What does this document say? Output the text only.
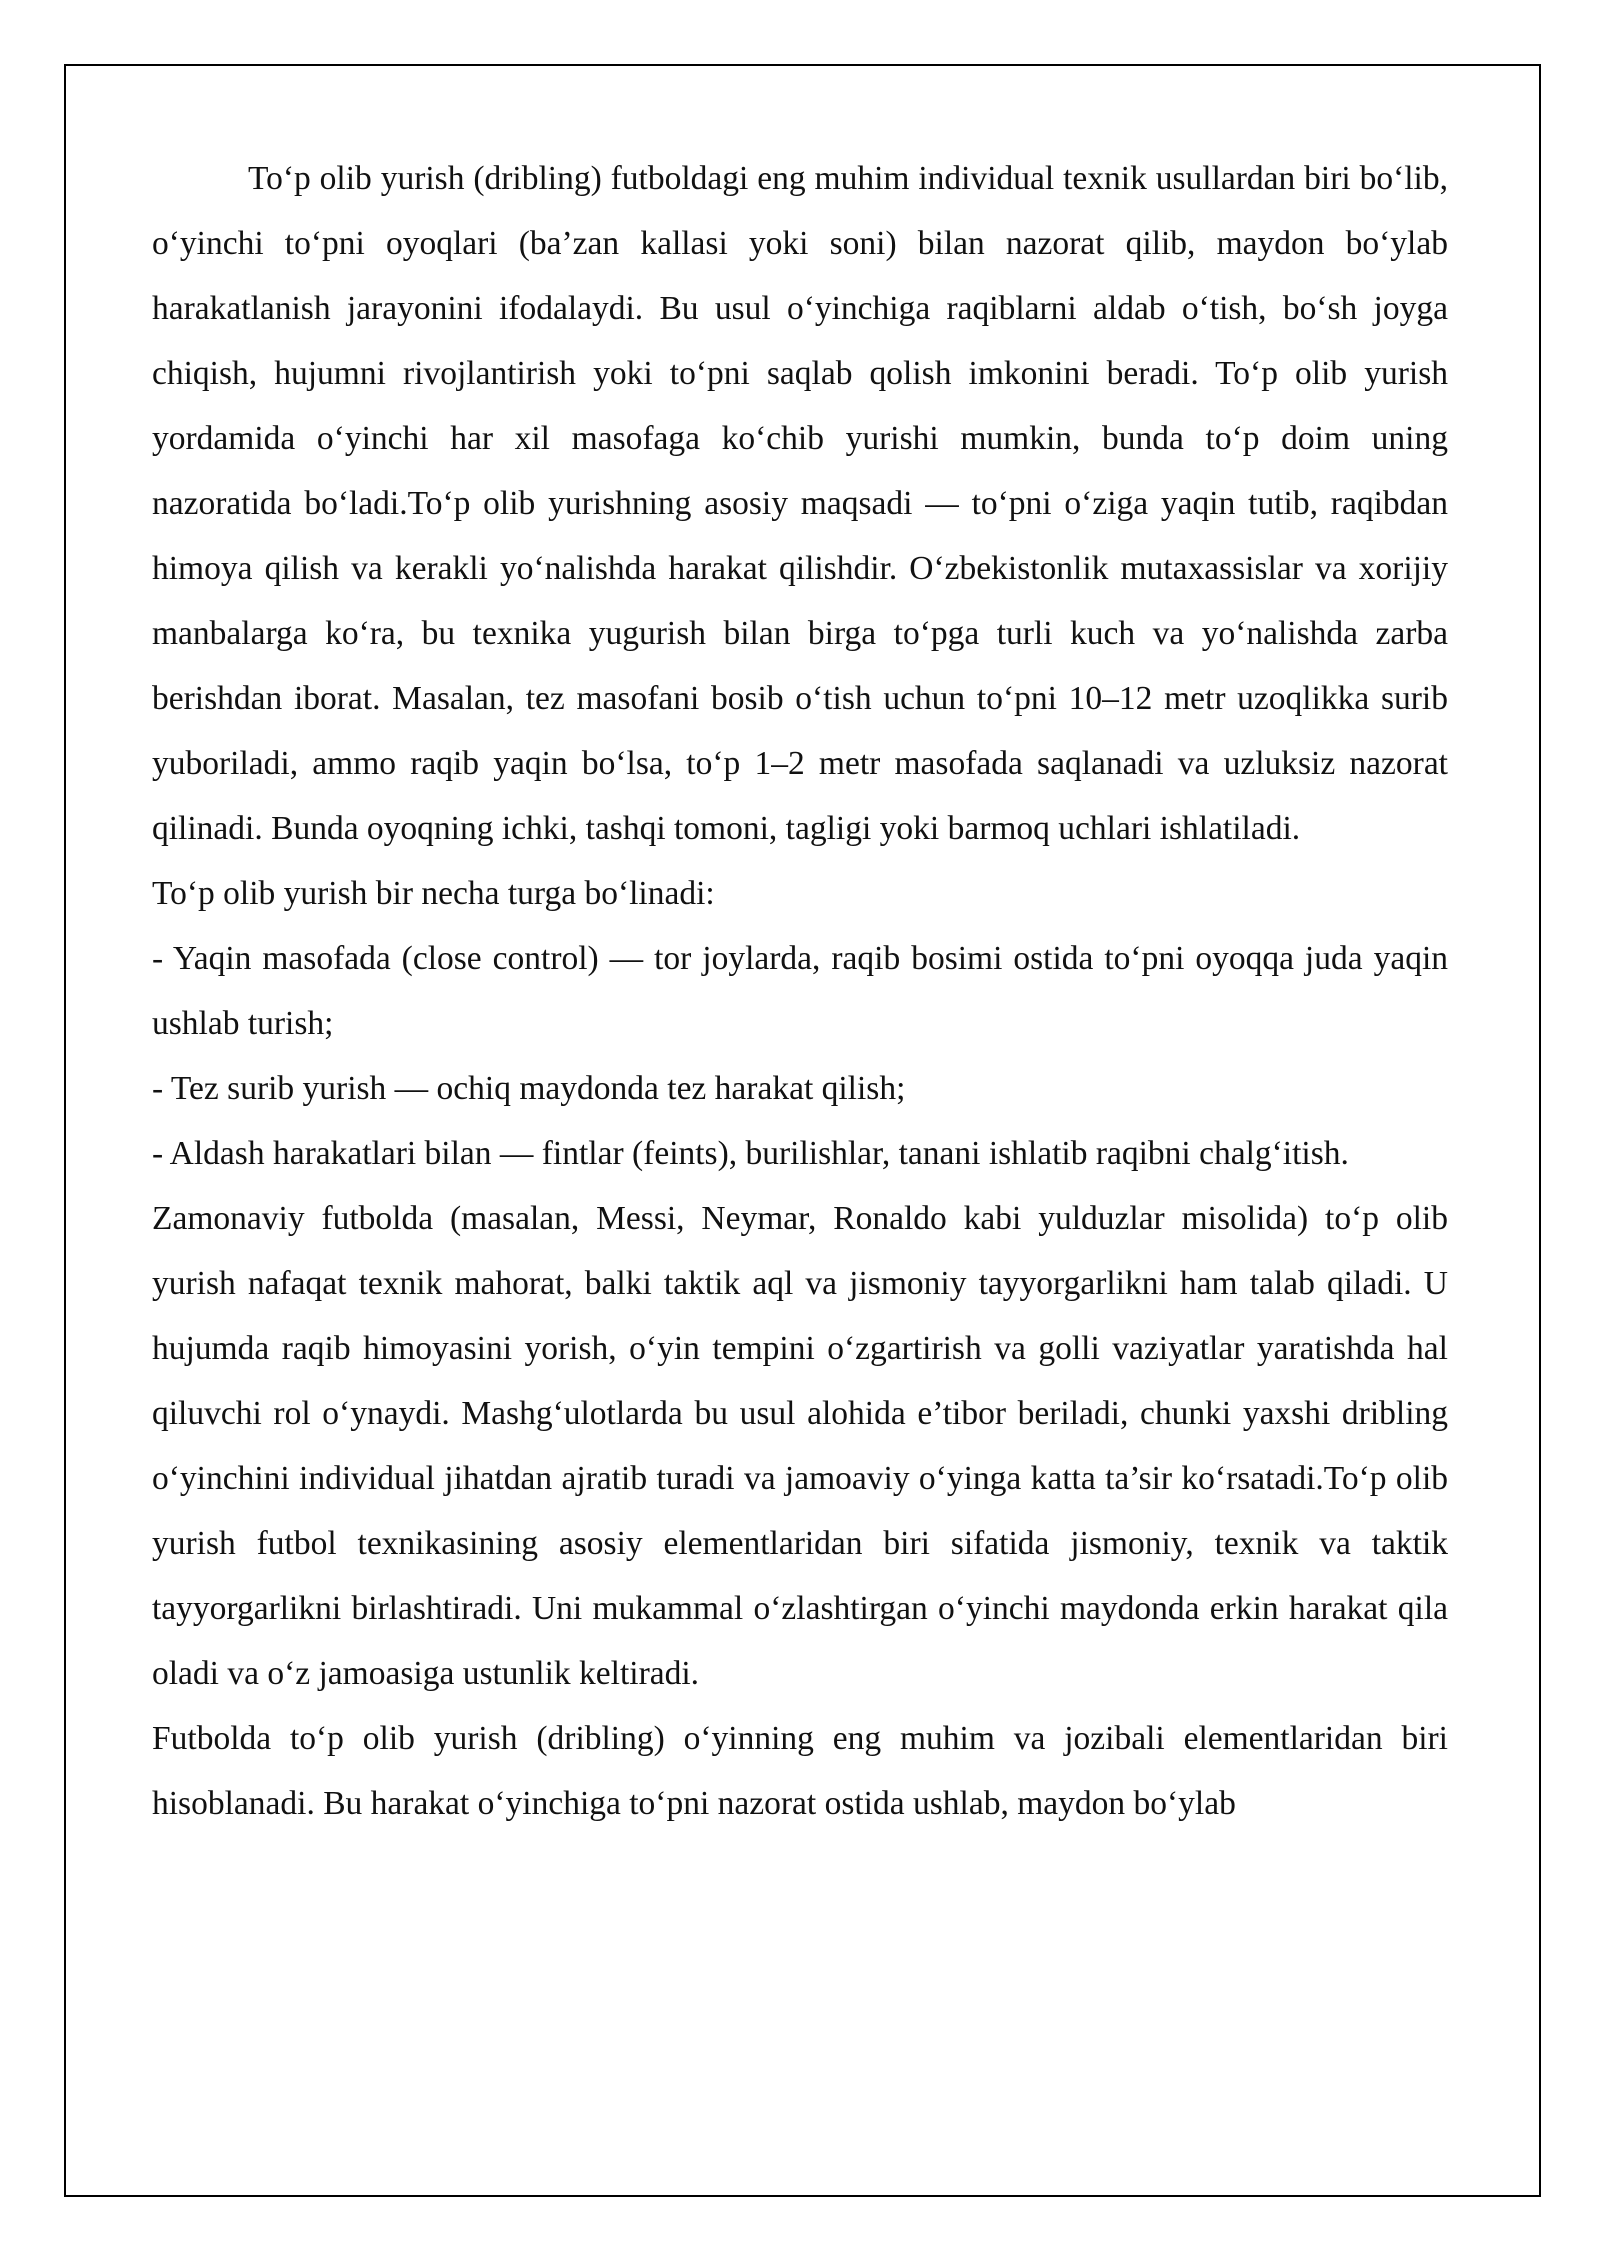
To‘p olib yurish (dribling) futboldagi eng muhim individual texnik usullardan biri bo‘lib, o‘yinchi to‘pni oyoqlari (ba’zan kallasi yoki soni) bilan nazorat qilib, maydon bo‘ylab harakatlanish jarayonini ifodalaydi. Bu usul o‘yinchiga raqiblarni aldab o‘tish, bo‘sh joyga chiqish, hujumni rivojlantirish yoki to‘pni saqlab qolish imkonini beradi. To‘p olib yurish yordamida o‘yinchi har xil masofaga ko‘chib yurishi mumkin, bunda to‘p doim uning nazoratida bo‘ladi.To‘p olib yurishning asosiy maqsadi — to‘pni o‘ziga yaqin tutib, raqibdan himoya qilish va kerakli yo‘nalishda harakat qilishdir. O‘zbekistonlik mutaxassislar va xorijiy manbalarga ko‘ra, bu texnika yugurish bilan birga to‘pga turli kuch va yo‘nalishda zarba berishdan iborat. Masalan, tez masofani bosib o‘tish uchun to‘pni 10–12 metr uzoqlikka surib yuboriladi, ammo raqib yaqin bo‘lsa, to‘p 1–2 metr masofada saqlanadi va uzluksiz nazorat qilinadi. Bunda oyoqning ichki, tashqi tomoni, tagligi yoki barmoq uchlari ishlatiladi.

To‘p olib yurish bir necha turga bo‘linadi:

- Yaqin masofada (close control) — tor joylarda, raqib bosimi ostida to‘pni oyoqqa juda yaqin ushlab turish;

- Tez surib yurish — ochiq maydonda tez harakat qilish;

- Aldash harakatlari bilan — fintlar (feints), burilishlar, tanani ishlatib raqibni chalg‘itish.

Zamonaviy futbolda (masalan, Messi, Neymar, Ronaldo kabi yulduzlar misolida) to‘p olib yurish nafaqat texnik mahorat, balki taktik aql va jismoniy tayyorgarlikni ham talab qiladi. U hujumda raqib himoyasini yorish, o‘yin tempini o‘zgartirish va golli vaziyatlar yaratishda hal qiluvchi rol o‘ynaydi. Mashg‘ulotlarda bu usul alohida e’tibor beriladi, chunki yaxshi dribling o‘yinchini individual jihatdan ajratib turadi va jamoaviy o‘yinga katta ta’sir ko‘rsatadi.To‘p olib yurish futbol texnikasining asosiy elementlaridan biri sifatida jismoniy, texnik va taktik tayyorgarlikni birlashtiradi. Uni mukammal o‘zlashtirgan o‘yinchi maydonda erkin harakat qila oladi va o‘z jamoasiga ustunlik keltiradi.

Futbolda to‘p olib yurish (dribling) o‘yinning eng muhim va jozibali elementlaridan biri hisoblanadi. Bu harakat o‘yinchiga to‘pni nazorat ostida ushlab, maydon bo‘ylab
